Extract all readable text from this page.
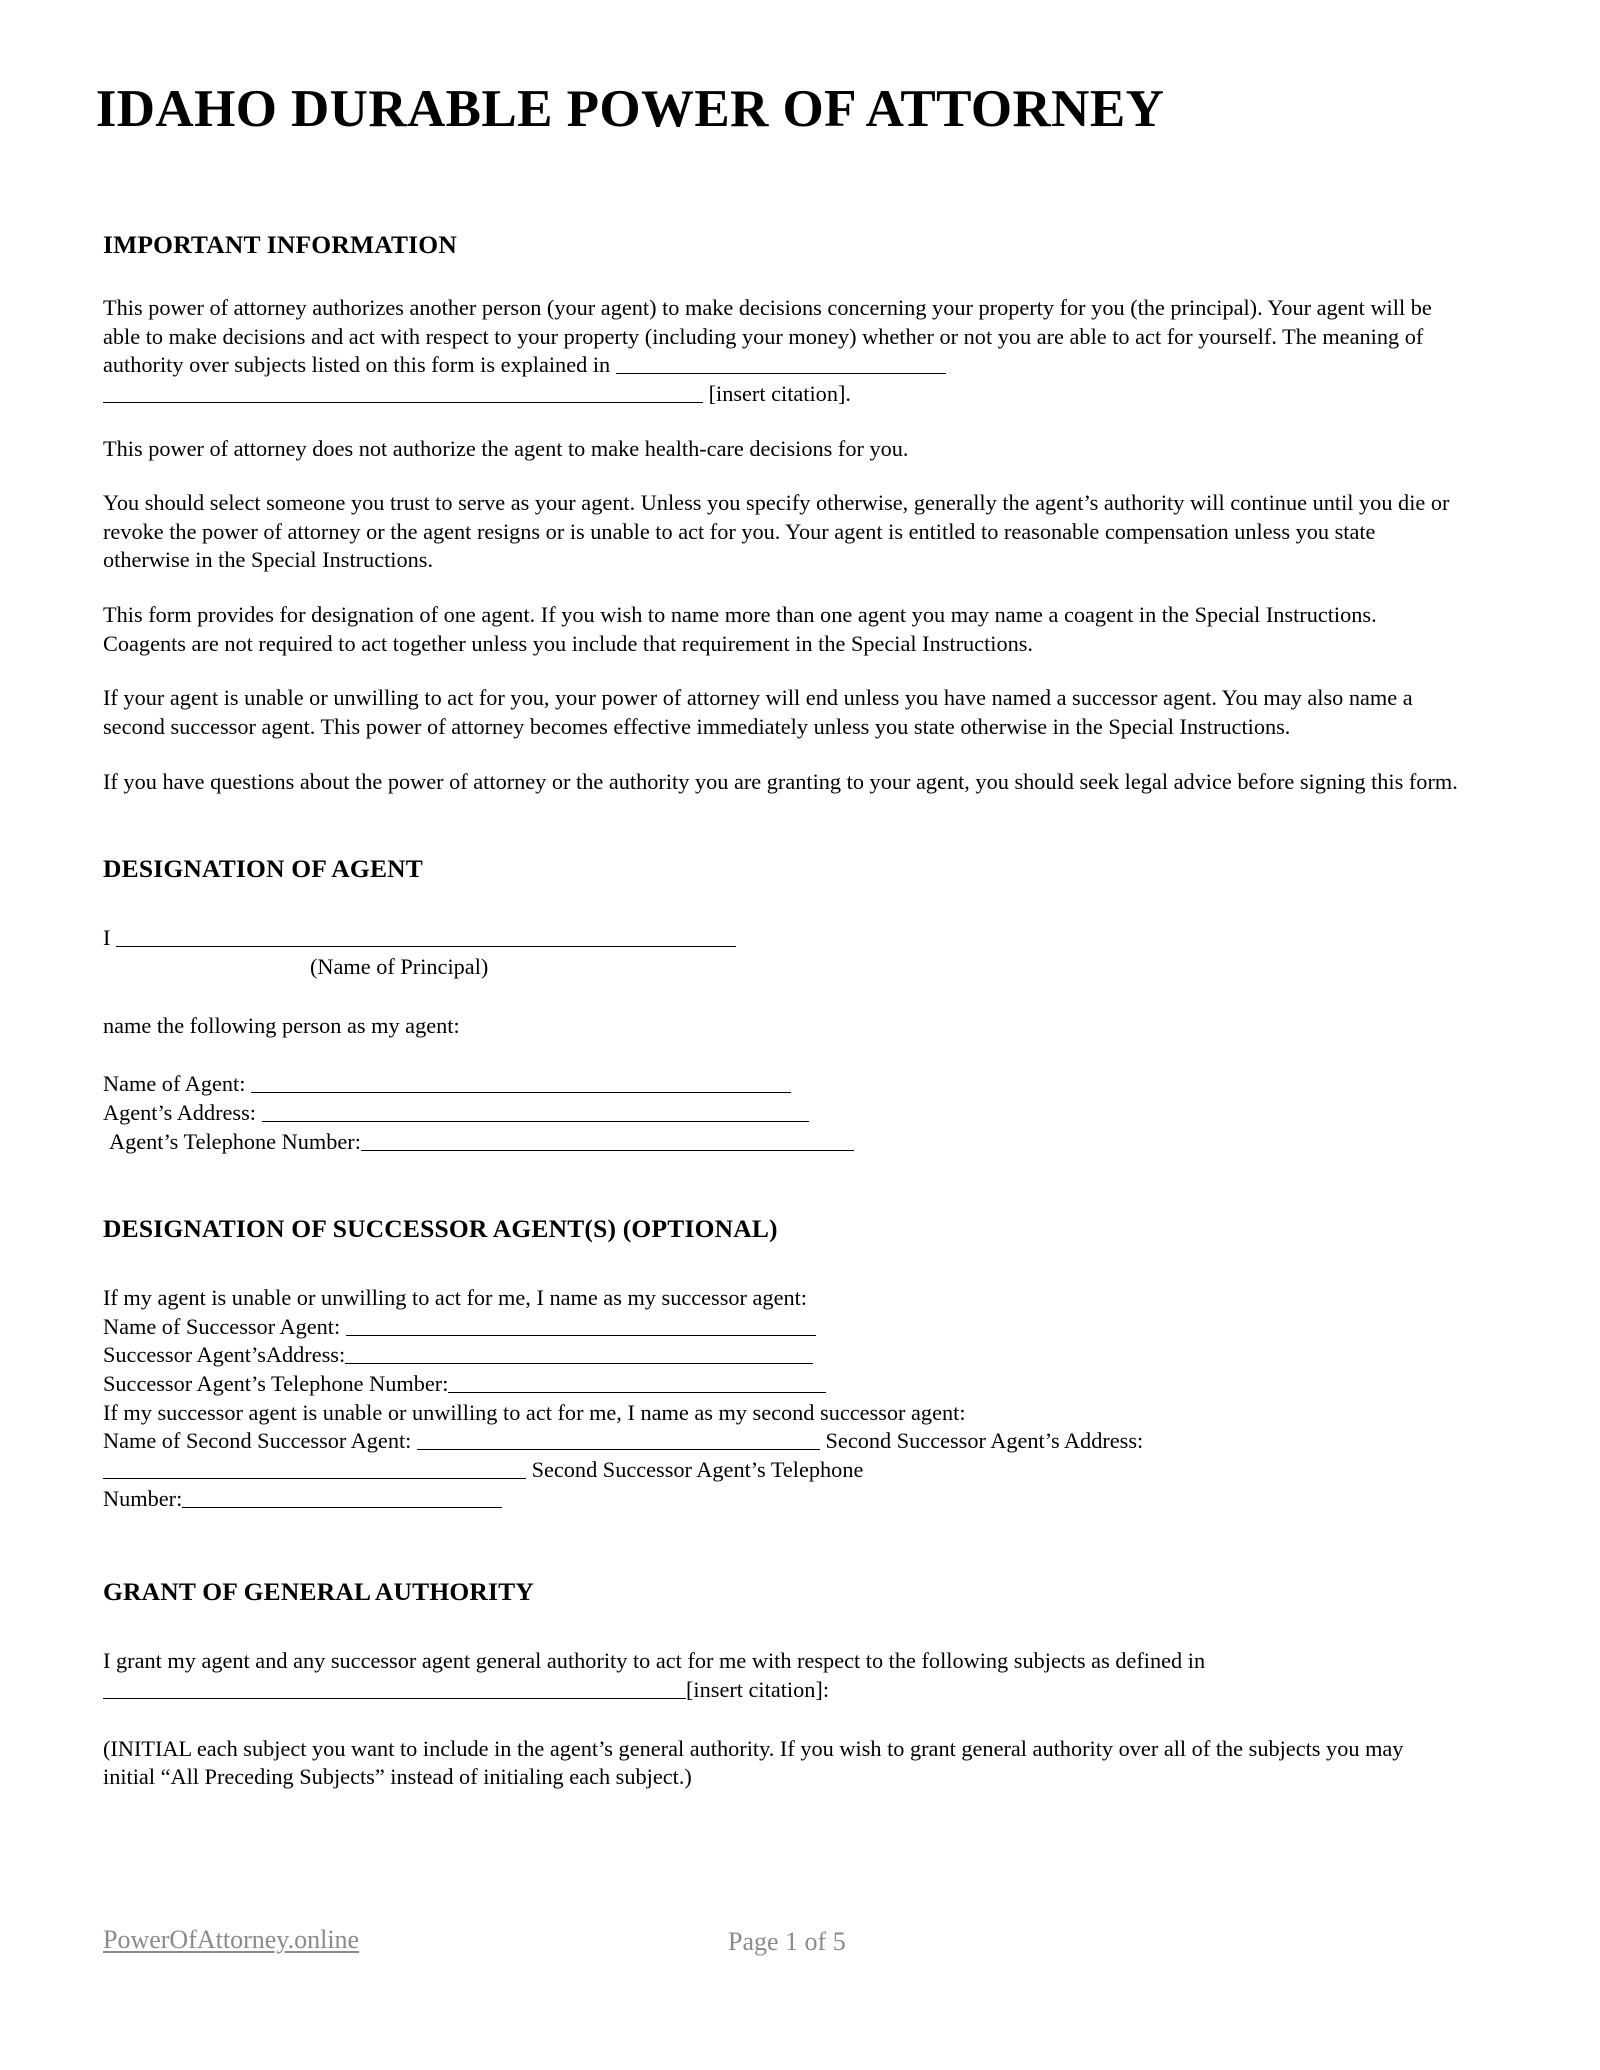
IDAHO DURABLE POWER OF ATTORNEY
IMPORTANT INFORMATION
This power of attorney authorizes another person (your agent) to make decisions concerning your property for you (the principal). Your agent will be able to make decisions and act with respect to your property (including your money) whether or not you are able to act for yourself. The meaning of authority over subjects listed on this form is explained in
[insert citation].
This power of attorney does not authorize the agent to make health-care decisions for you.
You should select someone you trust to serve as your agent. Unless you specify otherwise, generally the agent’s authority will continue until you die or revoke the power of attorney or the agent resigns or is unable to act for you. Your agent is entitled to reasonable compensation unless you state otherwise in the Special Instructions.
This form provides for designation of one agent. If you wish to name more than one agent you may name a coagent in the Special Instructions. Coagents are not required to act together unless you include that requirement in the Special Instructions.
If your agent is unable or unwilling to act for you, your power of attorney will end unless you have named a successor agent. You may also name a second successor agent. This power of attorney becomes effective immediately unless you state otherwise in the Special Instructions.
If you have questions about the power of attorney or the authority you are granting to your agent, you should seek legal advice before signing this form.
DESIGNATION OF AGENT
I
(Name of Principal)
name the following person as my agent:
Name of Agent:
Agent’s Address:
Agent’s Telephone Number:
DESIGNATION OF SUCCESSOR AGENT(S) (OPTIONAL)
If my agent is unable or unwilling to act for me, I name as my successor agent:
Name of Successor Agent:
Successor Agent’sAddress:
Successor Agent’s Telephone Number:
If my successor agent is unable or unwilling to act for me, I name as my second successor agent:
Name of Second Successor Agent:	Second Successor Agent’s Address:
Second Successor Agent’s Telephone
Number:
GRANT OF GENERAL AUTHORITY
I grant my agent and any successor agent general authority to act for me with respect to the following subjects as defined in
[insert citation]:
(INITIAL each subject you want to include in the agent’s general authority. If you wish to grant general authority over all of the subjects you may initial “All Preceding Subjects” instead of initialing each subject.)
PowerOfAttorney.online	Page 1 of 5
